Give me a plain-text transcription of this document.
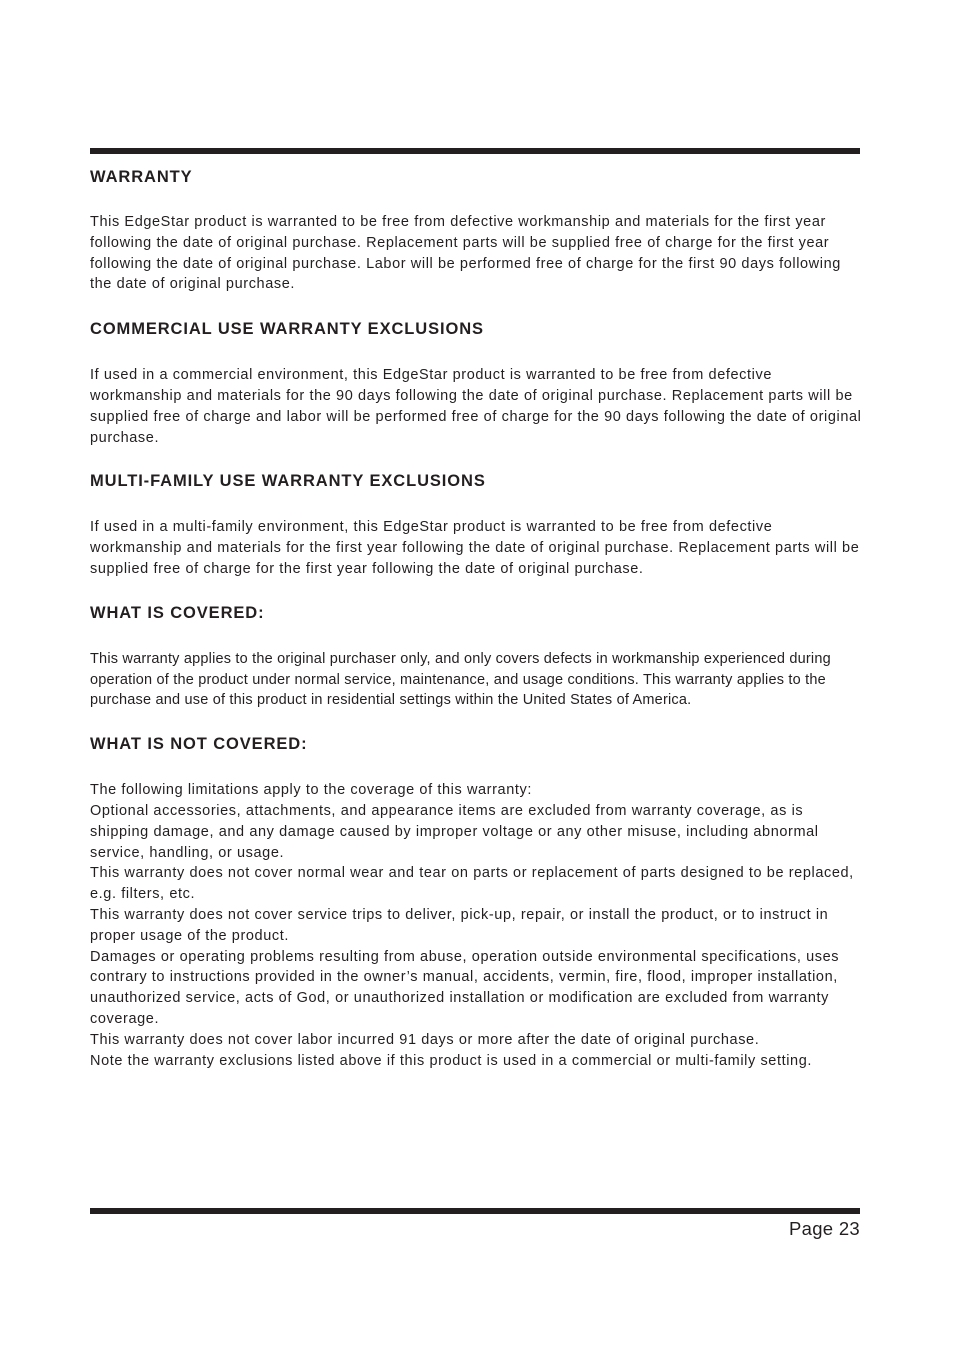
WARRANTY

This EdgeStar product is warranted to be free from defective workmanship and materials for the first year following the date of original purchase. Replacement parts will be supplied free of charge for the first year following the date of original purchase. Labor will be performed free of charge for the first 90 days following the date of original purchase.

COMMERCIAL USE WARRANTY EXCLUSIONS

If used in a commercial environment, this EdgeStar product is warranted to be free from defective workmanship and materials for the 90 days following the date of original purchase. Replacement parts will be supplied free of charge and labor will be performed free of charge for the 90 days following the date of original purchase.

MULTI-FAMILY USE WARRANTY EXCLUSIONS

If used in a multi-family environment, this EdgeStar product is warranted to be free from defective workmanship and materials for the first year following the date of original purchase. Replacement parts will be supplied free of charge for the first year following the date of original purchase.

WHAT IS COVERED:

This warranty applies to the original purchaser only, and only covers defects in workmanship experienced during operation of the product under normal service, maintenance, and usage conditions. This warranty applies to the purchase and use of this product in residential settings within the United States of America.

WHAT IS NOT COVERED:
The following limitations apply to the coverage of this warranty:
Optional accessories, attachments, and appearance items are excluded from warranty coverage, as is shipping damage, and any damage caused by improper voltage or any other misuse, including abnormal service, handling, or usage.
This warranty does not cover normal wear and tear on parts or replacement of parts designed to be replaced, e.g. filters, etc.
This warranty does not cover service trips to deliver, pick-up, repair, or install the product, or to instruct in proper usage of the product.
Damages or operating problems resulting from abuse, operation outside environmental specifications, uses contrary to instructions provided in the owner’s manual, accidents, vermin, fire, flood, improper installation, unauthorized service, acts of God, or unauthorized installation or modification are excluded from warranty coverage.
This warranty does not cover labor incurred 91 days or more after the date of original purchase.
Note the warranty exclusions listed above if this product is used in a commercial or multi-family setting.
Page 23
